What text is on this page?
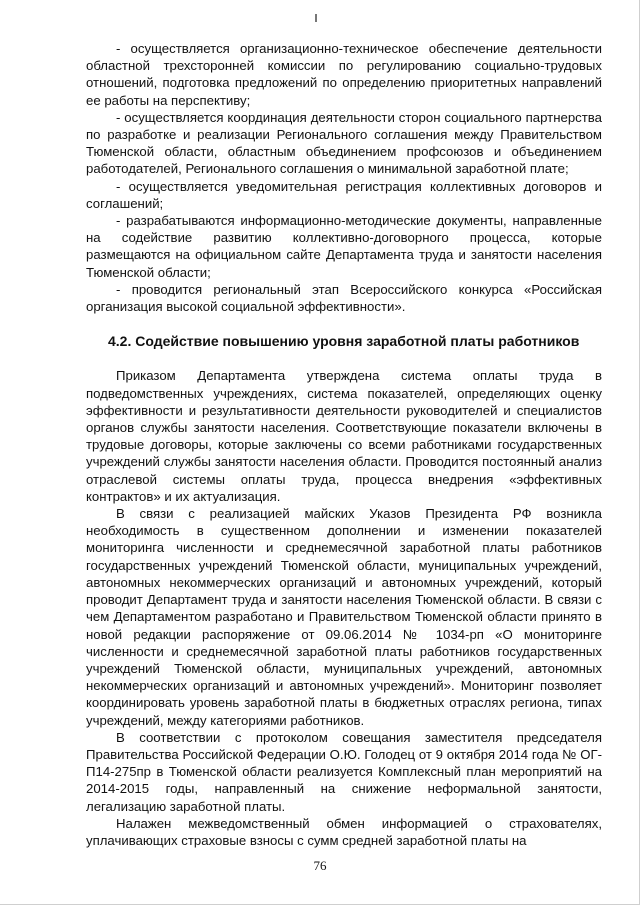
- осуществляется организационно-техническое обеспечение деятельности областной трехсторонней комиссии по регулированию социально-трудовых отношений, подготовка предложений по определению приоритетных направлений ее работы на перспективу;

- осуществляется координация деятельности сторон социального партнерства по разработке и реализации Регионального соглашения между Правительством Тюменской области, областным объединением профсоюзов и объединением работодателей, Регионального соглашения о минимальной заработной плате;

- осуществляется уведомительная регистрация коллективных договоров и соглашений;

- разрабатываются информационно-методические документы, направленные на содействие развитию коллективно-договорного процесса, которые размещаются на официальном сайте Департамента труда и занятости населения Тюменской области;

- проводится региональный этап Всероссийского конкурса «Российская организация высокой социальной эффективности».

4.2. Содействие повышению уровня заработной платы работников

Приказом Департамента утверждена система оплаты труда в подведомственных учреждениях, система показателей, определяющих оценку эффективности и результативности деятельности руководителей и специалистов органов службы занятости населения. Соответствующие показатели включены в трудовые договоры, которые заключены со всеми работниками государственных учреждений службы занятости населения области. Проводится постоянный анализ отраслевой системы оплаты труда, процесса внедрения «эффективных контрактов» и их актуализация.

В связи с реализацией майских Указов Президента РФ возникла необходимость в существенном дополнении и изменении показателей мониторинга численности и среднемесячной заработной платы работников государственных учреждений Тюменской области, муниципальных учреждений, автономных некоммерческих организаций и автономных учреждений, который проводит Департамент труда и занятости населения Тюменской области. В связи с чем Департаментом разработано и Правительством Тюменской области принято в новой редакции распоряжение от 09.06.2014 № 1034-рп «О мониторинге численности и среднемесячной заработной платы работников государственных учреждений Тюменской области, муниципальных учреждений, автономных некоммерческих организаций и автономных учреждений». Мониторинг позволяет координировать уровень заработной платы в бюджетных отраслях региона, типах учреждений, между категориями работников.

В соответствии с протоколом совещания заместителя председателя Правительства Российской Федерации О.Ю. Голодец от 9 октября 2014 года № ОГ-П14-275пр в Тюменской области реализуется Комплексный план мероприятий на 2014-2015 годы, направленный на снижение неформальной занятости, легализацию заработной платы.

Налажен межведомственный обмен информацией о страхователях, уплачивающих страховые взносы с сумм средней заработной платы на

76
